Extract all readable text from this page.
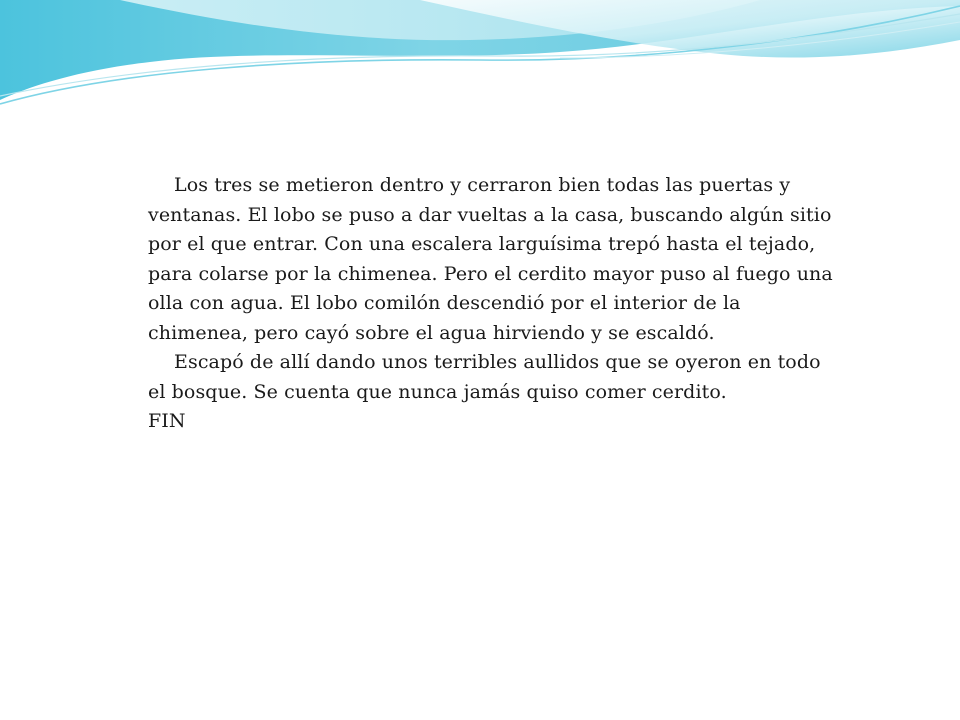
Los tres se metieron dentro y cerraron bien todas las puertas y ventanas. El lobo se puso a dar vueltas a la casa, buscando algún sitio por el que entrar. Con una escalera larguísima trepó hasta el tejado, para colarse por la chimenea. Pero el cerdito mayor puso al fuego una olla con agua. El lobo comilón descendió por el interior de la chimenea, pero cayó sobre el agua hirviendo y se escaldó.

Escapó de allí dando unos terribles aullidos que se oyeron en todo el bosque. Se cuenta que nunca jamás quiso comer cerdito.

FIN
